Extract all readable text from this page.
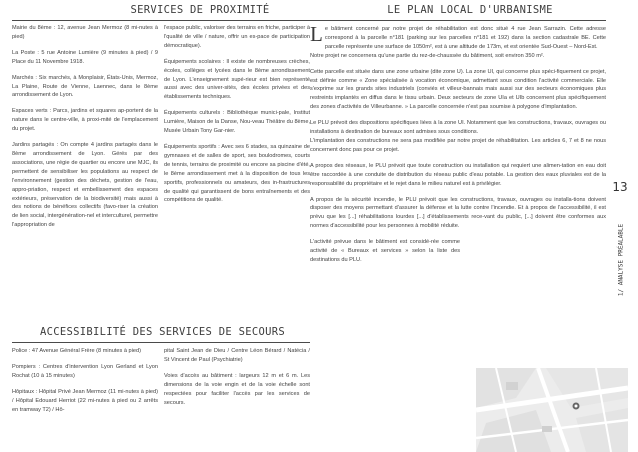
SERVICES DE PROXIMITÉ

Mairie du 8ème : 12, avenue Jean Mermoz (8 mi-nutes à pied)

La Poste : 5 rue Antoine Lumière (9 minutes à pied) / 9 Place du 11 Novembre 1918.

Marchés : Six marchés, à Monplaisir, États-Unis, Mermoz, La Plaine, Route de Vienne, Laennec, dans le 8ème arrondissement de Lyon.

Espaces verts : Parcs, jardins et squares ap-portent de la nature dans le centre-ville, à proxi-mité de l'emplacement du projet.

Jardins partagés : On compte 4 jardins partagés dans le 8ème arrondissement de Lyon. Gérés par des associations, une régie de quartier ou encore une MJC, ils permettent de sensibiliser les populations au respect de l'environnement (gestion des déchets, gestion de l'eau, appro-priation, respect et embellissement des espaces extérieurs, préservation de la biodiversité) mais aussi à des notions de bénéfices collectifs (favo-riser la création de lien social, intergénération-nel et interculturel, permettre l'appropriation de

l'espace public, valoriser des terrains en friche, participer à l'qualité de ville / nature, offrir un es-pace de participation démocratique).

Équipements scolaires : Il existe de nombreuses crèches, écoles, collèges et lycées dans le 8ème arrondissement de Lyon. L'enseignement supé-rieur est bien représenté aussi avec des univer-sités, des écoles privées et des établissements techniques.

Équipements culturels : Bibliothèque munici-pale, Institut Lumière, Maison de la Danse, Nou-veau Théâtre du 8ème, Musée Urbain Tony Gar-nier.

Équipements sportifs : Avec ses 6 stades, sa quinzaine de gymnases et de salles de sport, ses boulodromes, courts de tennis, terrains de proximité ou encore sa piscine d'été, le 8ème arrondissement met à la disposition de tous les sportifs, professionnels ou amateurs, des in-frastructures de qualité qui garantissent de bons entraînements et des compétitions de qualité.

ACCESSIBILITÉ DES SERVICES DE SECOURS

Police : 47 Avenue Général Frère (8 minutes à pied)

Pompiers : Centres d'intervention Lyon Gerland et Lyon Rochat (10 à 15 minutes)

Hôpitaux : Hôpital Privé Jean Mermoz (11 mi-nutes à pied) / Hôpital Edouard Herriot (22 mi-nutes à pied ou 2 arrêts en tramway T2) / Hô-

pital Saint Jean de Dieu / Centre Léon Bérard / Natécia / St Vincent de Paul (Psychiatrie)

Voies d'accès au bâtiment : largeurs 12 m et 6 m. Les dimensions de la voie engin et de la voie échelle sont respectées pour faciliter l'accès par les services de secours.

LE PLAN LOCAL D'URBANISME

Le bâtiment concerné par notre projet de réhabilitation est donc situé 4 rue Jean Sarrazin. Cette adresse correspond à la parcelle n°181 (parking sur les parcelles n°181 et 192) dans la section cadastrale BE. Cette parcelle représente une surface de 1050m², est à une altitude de 173m, et est orientée Sud-Ouest – Nord-Est.

Notre projet ne concernera qu'une partie du rez-de-chaussée du bâtiment, soit environ 350 m².

Cette parcelle est située dans une zone urbaine (dite zone U). La zone UI, qui concerne plus spéci-fiquement ce projet, est définie comme « Zone spécialisée à vocation économique, admettant sous condition l'activité commerciale. Elle s'exprime sur les grands sites industriels (conviés et villeur-bannais mais aussi sur des secteurs économiques plus restreints implantés en diffus dans le tissu urbain. Deux secteurs de zone UIa et UIb concernent plus spécifiquement des zones d'activités de Villeurbanne. » La parcelle concernée n'est pas soumise à polygone d'implantation.

Le PLU prévoit des dispositions spécifiques liées à la zone UI. Notamment que les constructions, travaux, ouvrages ou installations à destination de bureaux sont admises sous conditions.

L'implantation des constructions ne sera pas modifiée par notre projet de réhabilitation. Les articles 6, 7 et 8 ne nous concernent donc pas pour ce projet.

A propos des réseaux, le PLU prévoit que toute construction ou installation qui requiert une alimen-tation en eau doit être raccordée à une conduite de distribution du réseau public d'eau potable. La gestion des eaux pluviales est de la responsabilité du propriétaire et le rejet dans le milieu naturel est à privilégier.

A propos de la sécurité incendie, le PLU prévoit que les constructions, travaux, ouvrages ou installa-tions doivent disposer des moyens permettant d'assurer la défense et la lutte contre l'incendie. Et à propos de l'accessibilité, il est prévu que les [...] réhabilitations lourdes [...] d'établissements rece-vant du public, [...] doivent être conformes aux normes d'accessibilité pour les personnes à mobilité réduite.

L'activité prévue dans le bâtiment est considé-rée comme activité de « Bureaux et services » selon la liste des destinations du PLU.

13
1/ ANALYSE PRÉALABLE
